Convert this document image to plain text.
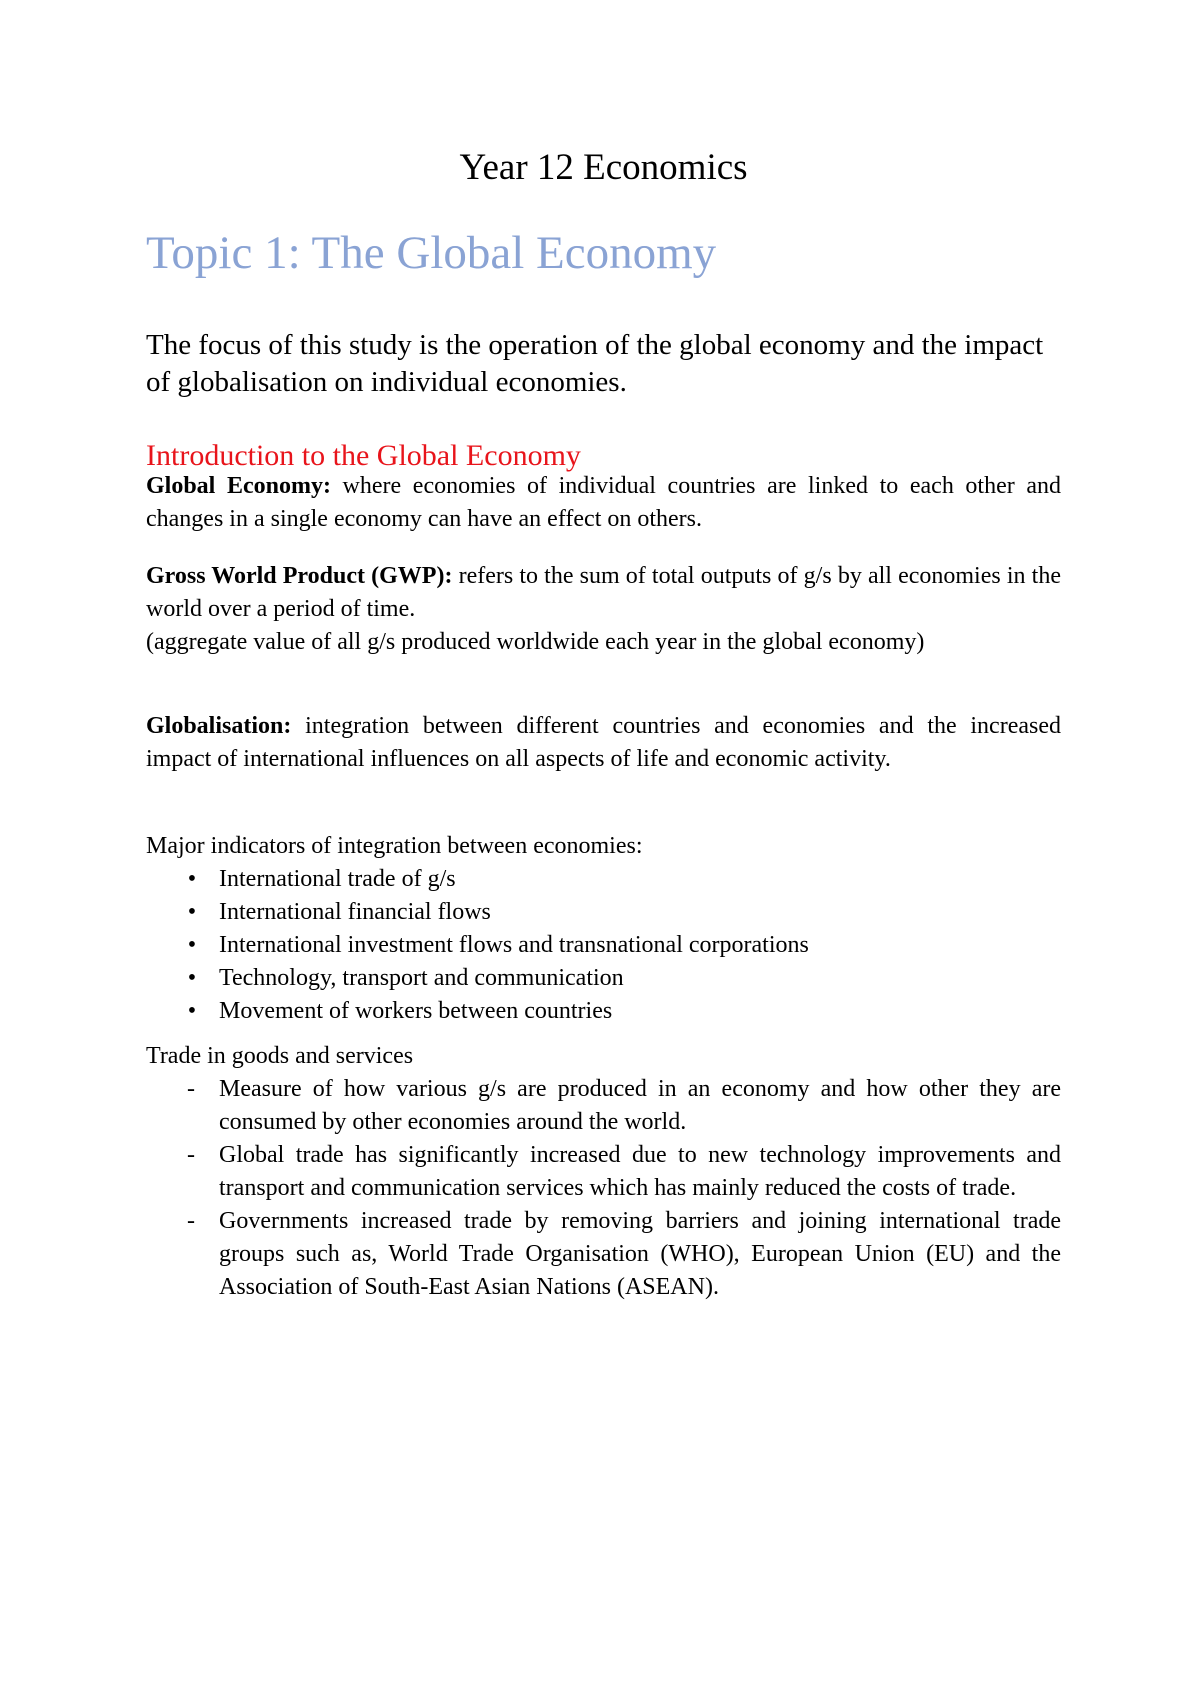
Year 12 Economics
Topic 1: The Global Economy
The focus of this study is the operation of the global economy and the impact of globalisation on individual economies.
Introduction to the Global Economy
Global Economy: where economies of individual countries are linked to each other and changes in a single economy can have an effect on others.
Gross World Product (GWP): refers to the sum of total outputs of g/s by all economies in the world over a period of time.
(aggregate value of all g/s produced worldwide each year in the global economy)
Globalisation: integration between different countries and economies and the increased impact of international influences on all aspects of life and economic activity.
Major indicators of integration between economies:
• International trade of g/s
• International financial flows
• International investment flows and transnational corporations
• Technology, transport and communication
• Movement of workers between countries
Trade in goods and services
- Measure of how various g/s are produced in an economy and how other they are consumed by other economies around the world.
- Global trade has significantly increased due to new technology improvements and transport and communication services which has mainly reduced the costs of trade.
- Governments increased trade by removing barriers and joining international trade groups such as, World Trade Organisation (WHO), European Union (EU) and the Association of South-East Asian Nations (ASEAN).
